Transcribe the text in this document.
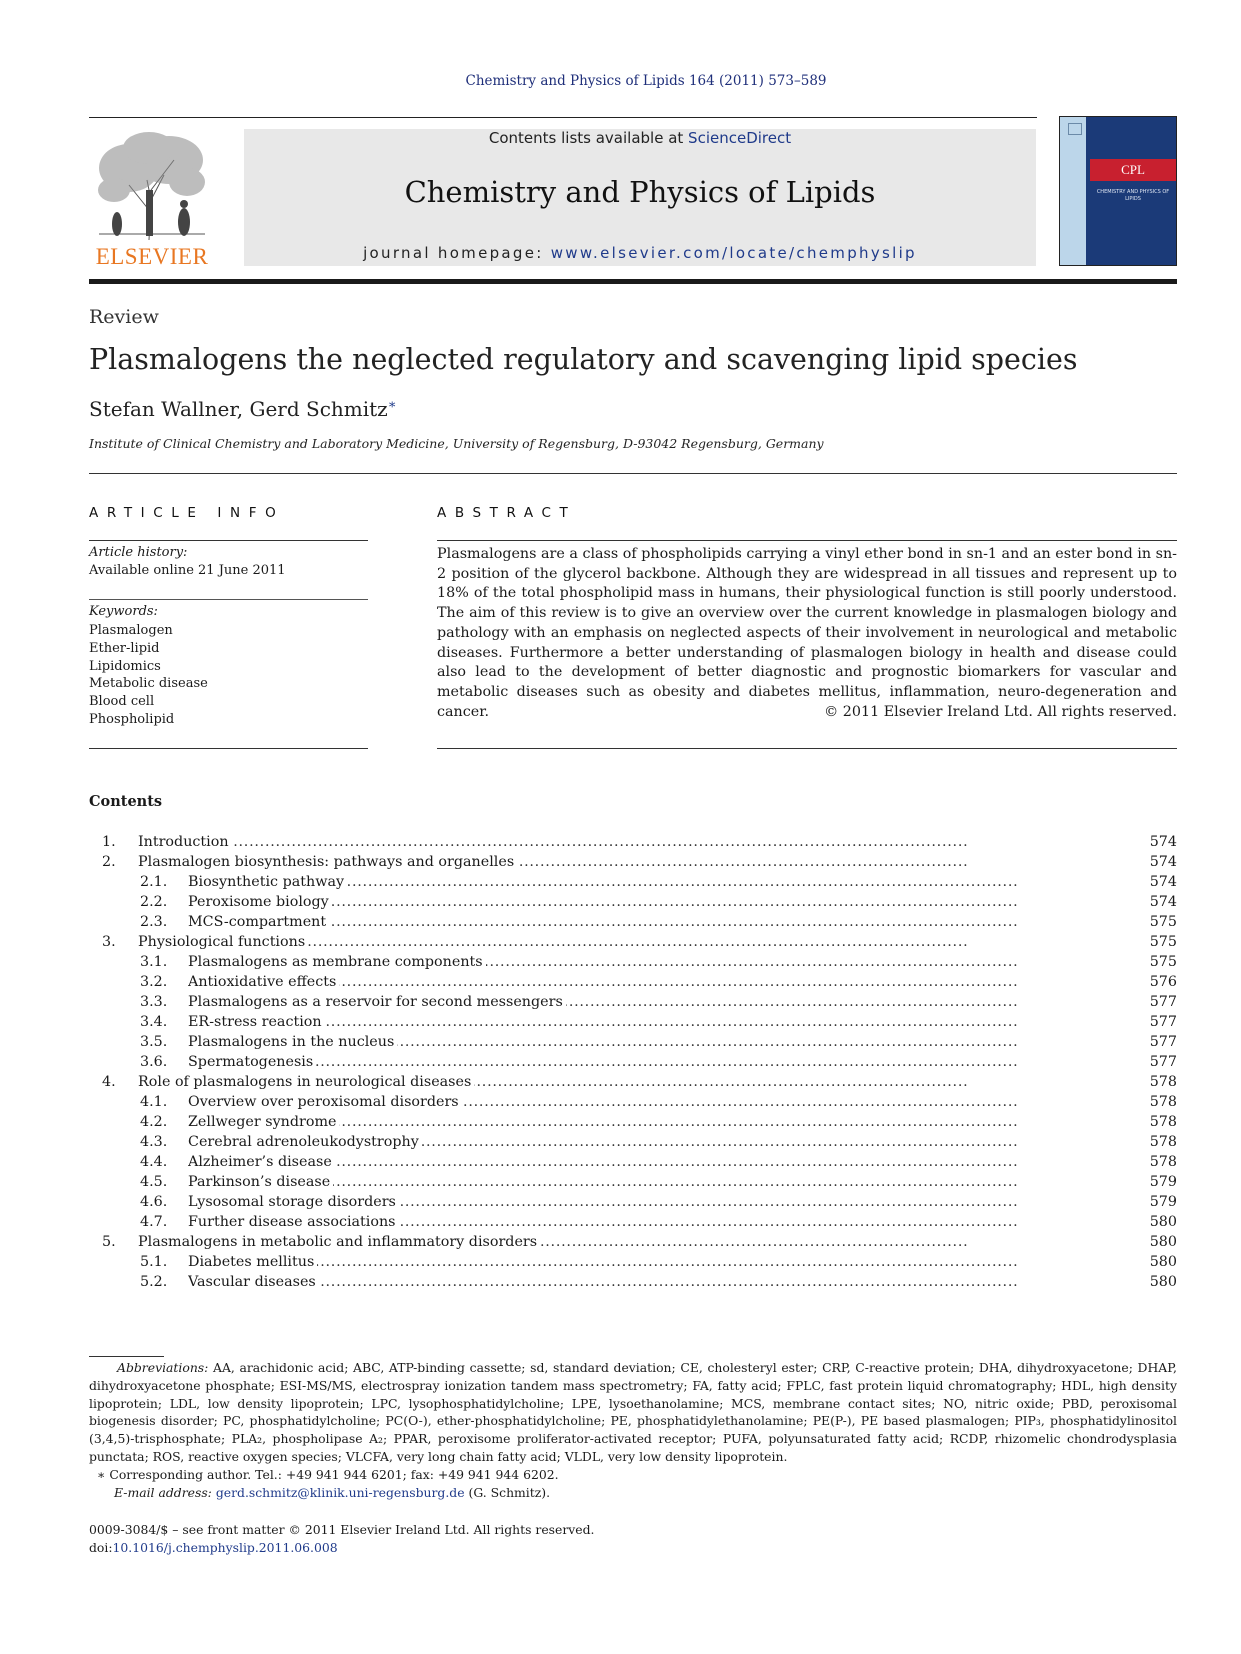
Chemistry and Physics of Lipids 164 (2011) 573–589
ELSEVIER
Contents lists available at ScienceDirect
Chemistry and Physics of Lipids
journal homepage: www.elsevier.com/locate/chemphyslip
CPL
CHEMISTRY AND PHYSICS OF LIPIDS
Review
Plasmalogens the neglected regulatory and scavenging lipid species
Stefan Wallner, Gerd Schmitz∗
Institute of Clinical Chemistry and Laboratory Medicine, University of Regensburg, D-93042 Regensburg, Germany
ARTICLE INFO
Article history:
Available online 21 June 2011
Keywords:
Plasmalogen
Ether-lipid
Lipidomics
Metabolic disease
Blood cell
Phospholipid
ABSTRACT
Plasmalogens are a class of phospholipids carrying a vinyl ether bond in sn-1 and an ester bond in sn-2 position of the glycerol backbone. Although they are widespread in all tissues and represent up to 18% of the total phospholipid mass in humans, their physiological function is still poorly understood. The aim of this review is to give an overview over the current knowledge in plasmalogen biology and pathology with an emphasis on neglected aspects of their involvement in neurological and metabolic diseases. Furthermore a better understanding of plasmalogen biology in health and disease could also lead to the development of better diagnostic and prognostic biomarkers for vascular and metabolic diseases such as obesity and diabetes mellitus, inflammation, neuro-degeneration and cancer.	© 2011 Elsevier Ireland Ltd. All rights reserved.
Contents
1. Introduction . . .	574
2. Plasmalogen biosynthesis: pathways and organelles . . .	574
2.1. Biosynthetic pathway . . .	574
2.2. Peroxisome biology . . .	574
2.3. MCS-compartment . . .	575
3. Physiological functions . . .	575
3.1. Plasmalogens as membrane components . . .	575
3.2. Antioxidative effects . . .	576
3.3. Plasmalogens as a reservoir for second messengers . . .	577
3.4. ER-stress reaction . . .	577
3.5. Plasmalogens in the nucleus . . .	577
3.6. Spermatogenesis . . .	577
4. Role of plasmalogens in neurological diseases . . .	578
4.1. Overview over peroxisomal disorders . . .	578
4.2. Zellweger syndrome . . .	578
4.3. Cerebral adrenoleukodystrophy . . .	578
4.4. Alzheimer’s disease . . .	578
4.5. Parkinson’s disease . . .	579
4.6. Lysosomal storage disorders . . .	579
4.7. Further disease associations . . .	580
5. Plasmalogens in metabolic and inflammatory disorders . . .	580
5.1. Diabetes mellitus . . .	580
5.2. Vascular diseases . . .	580
Abbreviations: AA, arachidonic acid; ABC, ATP-binding cassette; sd, standard deviation; CE, cholesteryl ester; CRP, C-reactive protein; DHA, dihydroxyacetone; DHAP, dihydroxyacetone phosphate; ESI-MS/MS, electrospray ionization tandem mass spectrometry; FA, fatty acid; FPLC, fast protein liquid chromatography; HDL, high density lipoprotein; LDL, low density lipoprotein; LPC, lysophosphatidylcholine; LPE, lysoethanolamine; MCS, membrane contact sites; NO, nitric oxide; PBD, peroxisomal biogenesis disorder; PC, phosphatidylcholine; PC(O-), ether-phosphatidylcholine; PE, phosphatidylethanolamine; PE(P-), PE based plasmalogen; PIP₃, phosphatidylinositol (3,4,5)-trisphosphate; PLA₂, phospholipase A₂; PPAR, peroxisome proliferator-activated receptor; PUFA, polyunsaturated fatty acid; RCDP, rhizomelic chondrodysplasia punctata; ROS, reactive oxygen species; VLCFA, very long chain fatty acid; VLDL, very low density lipoprotein.
∗ Corresponding author. Tel.: +49 941 944 6201; fax: +49 941 944 6202.
E-mail address: gerd.schmitz@klinik.uni-regensburg.de (G. Schmitz).
0009-3084/$ – see front matter © 2011 Elsevier Ireland Ltd. All rights reserved.
doi:10.1016/j.chemphyslip.2011.06.008
